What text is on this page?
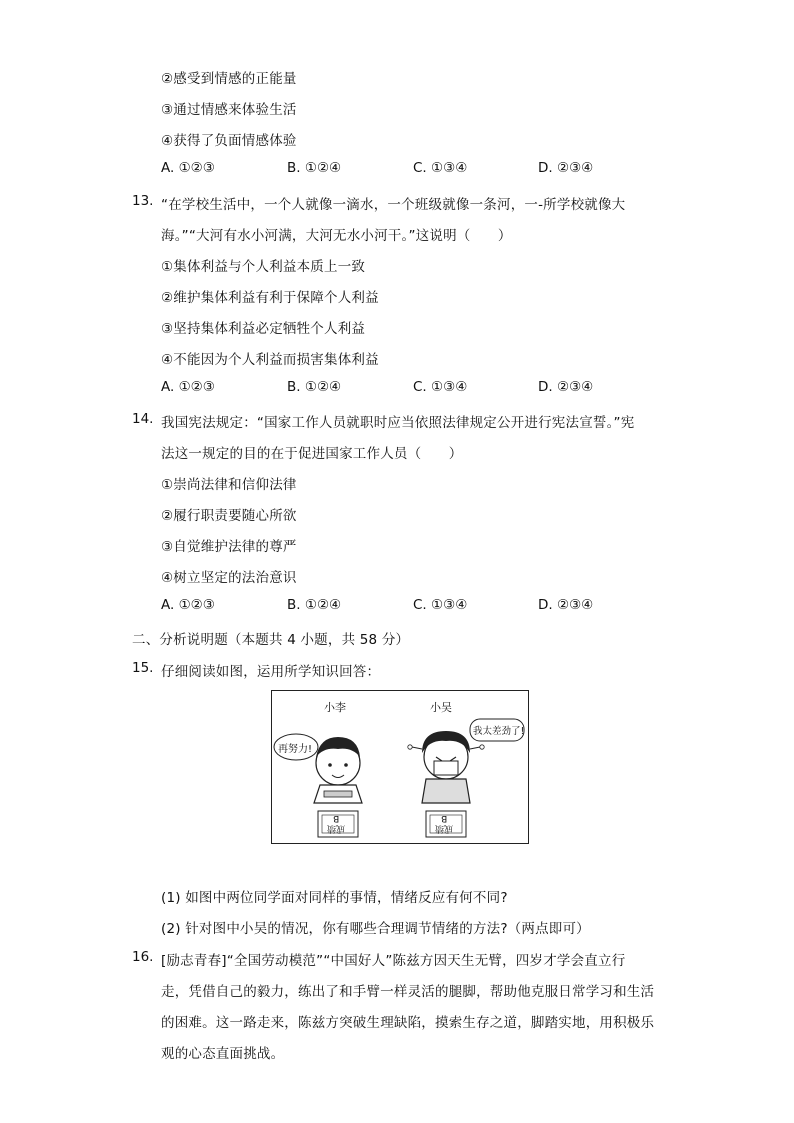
②感受到情感的正能量
③通过情感来体验生活
④获得了负面情感体验
A. ①②③	B. ①②④	C. ①③④	D. ②③④
13. “在学校生活中，一个人就像一滴水，一个班级就像一条河，一-所学校就像大
海。”“大河有水小河满，大河无水小河干。”这说明（　　）
①集体利益与个人利益本质上一致
②维护集体利益有利于保障个人利益
③坚持集体利益必定牺牲个人利益
④不能因为个人利益而损害集体利益
A. ①②③	B. ①②④	C. ①③④	D. ②③④
14. 我国宪法规定：“国家工作人员就职时应当依照法律规定公开进行宪法宣誓。”宪
法这一规定的目的在于促进国家工作人员（　　）
①崇尚法律和信仰法律
②履行职责要随心所欲
③自觉维护法律的尊严
④树立坚定的法治意识
A. ①②③	B. ①②④	C. ①③④	D. ②③④
二、分析说明题（本题共 4 小题，共 58 分）
15. 仔细阅读如图，运用所学知识回答：
小李	小吴
再努力!
我太差劲了!
B
成绩
B
成绩
(1) 如图中两位同学面对同样的事情，情绪反应有何不同?
(2) 针对图中小吴的情况，你有哪些合理调节情绪的方法?（两点即可）
16. [励志青春]“全国劳动模范”“中国好人”陈兹方因天生无臂，四岁才学会直立行
走，凭借自己的毅力，练出了和手臂一样灵活的腿脚，帮助他克服日常学习和生活
的困难。这一路走来，陈兹方突破生理缺陷，摸索生存之道，脚踏实地，用积极乐
观的心态直面挑战。
